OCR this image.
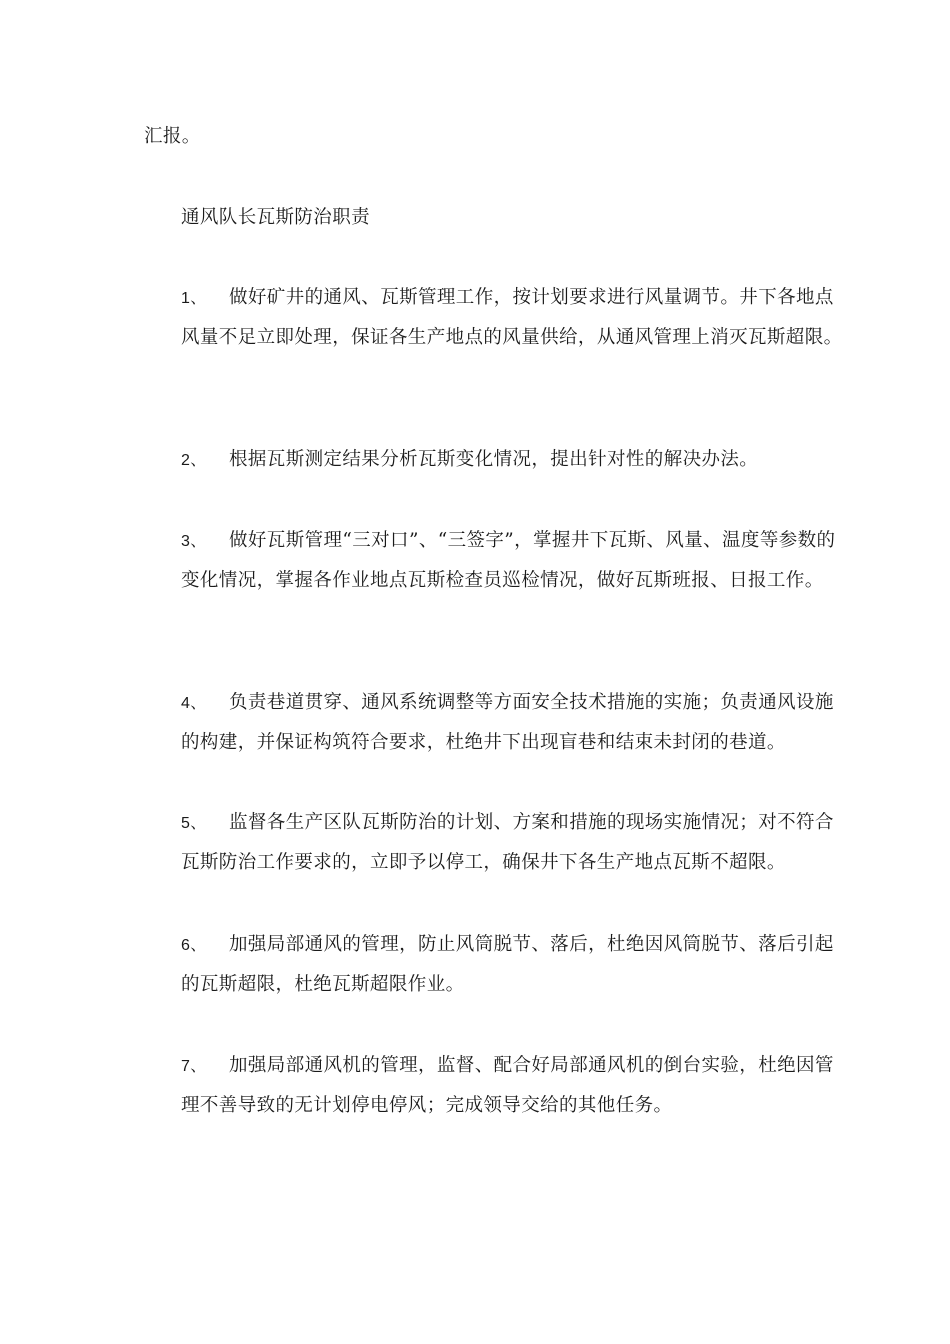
汇报。

通风队长瓦斯防治职责

1、 做好矿井的通风、瓦斯管理工作，按计划要求进行风量调节。井下各地点风量不足立即处理，保证各生产地点的风量供给，从通风管理上消灭瓦斯超限。

2、 根据瓦斯测定结果分析瓦斯变化情况，提出针对性的解决办法。

3、 做好瓦斯管理“三对口”、“三签字”，掌握井下瓦斯、风量、温度等参数的变化情况，掌握各作业地点瓦斯检查员巡检情况，做好瓦斯班报、日报工作。

4、 负责巷道贯穿、通风系统调整等方面安全技术措施的实施；负责通风设施的构建，并保证构筑符合要求，杜绝井下出现盲巷和结束未封闭的巷道。

5、 监督各生产区队瓦斯防治的计划、方案和措施的现场实施情况；对不符合瓦斯防治工作要求的，立即予以停工，确保井下各生产地点瓦斯不超限。

6、 加强局部通风的管理，防止风筒脱节、落后，杜绝因风筒脱节、落后引起的瓦斯超限，杜绝瓦斯超限作业。

7、 加强局部通风机的管理，监督、配合好局部通风机的倒台实验，杜绝因管理不善导致的无计划停电停风；完成领导交给的其他任务。
